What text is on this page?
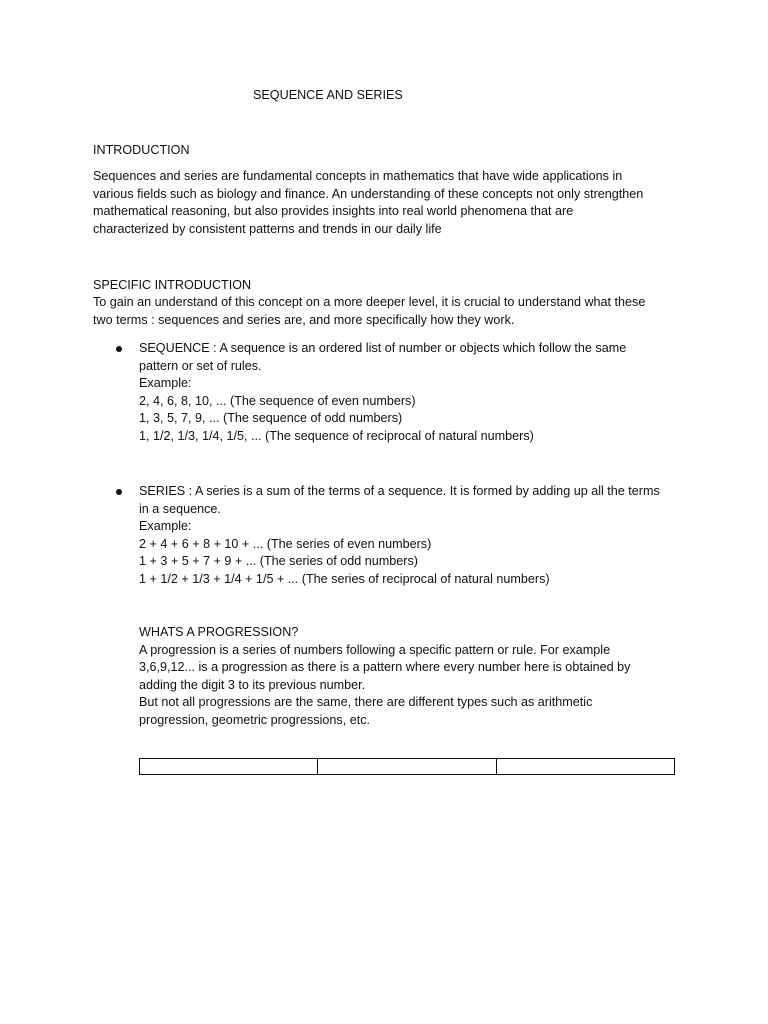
SEQUENCE AND SERIES
INTRODUCTION

Sequences and series are fundamental concepts in mathematics that have wide applications in

various fields such as biology and finance. An understanding of these concepts not only strengthen

mathematical reasoning, but also provides insights into real world phenomena that are

characterized by consistent patterns and trends in our daily life

SPECIFIC INTRODUCTION

To gain an understand of this concept on a more deeper level, it is crucial to understand what these

two terms : sequences and series are, and more specifically how they work.

SEQUENCE : A sequence is an ordered list of number or objects which follow the same
pattern or set of rules.
Example:
2, 4, 6, 8, 10, ... (The sequence of even numbers)
1, 3, 5, 7, 9, ... (The sequence of odd numbers)
1, 1/2, 1/3, 1/4, 1/5, ... (The sequence of reciprocal of natural numbers)
SERIES : A series is a sum of the terms of a sequence. It is formed by adding up all the terms
in a sequence.
Example:
2 + 4 + 6 + 8 + 10 + ... (The series of even numbers)
1 + 3 + 5 + 7 + 9 + ... (The series of odd numbers)
1 + 1/2 + 1/3 + 1/4 + 1/5 + ... (The series of reciprocal of natural numbers)
WHATS A PROGRESSION?
A progression is a series of numbers following a specific pattern or rule. For example
3,6,9,12... is a progression as there is a pattern where every number here is obtained by
adding the digit 3 to its previous number.
But not all progressions are the same, there are different types such as arithmetic
progression, geometric progressions, etc.
